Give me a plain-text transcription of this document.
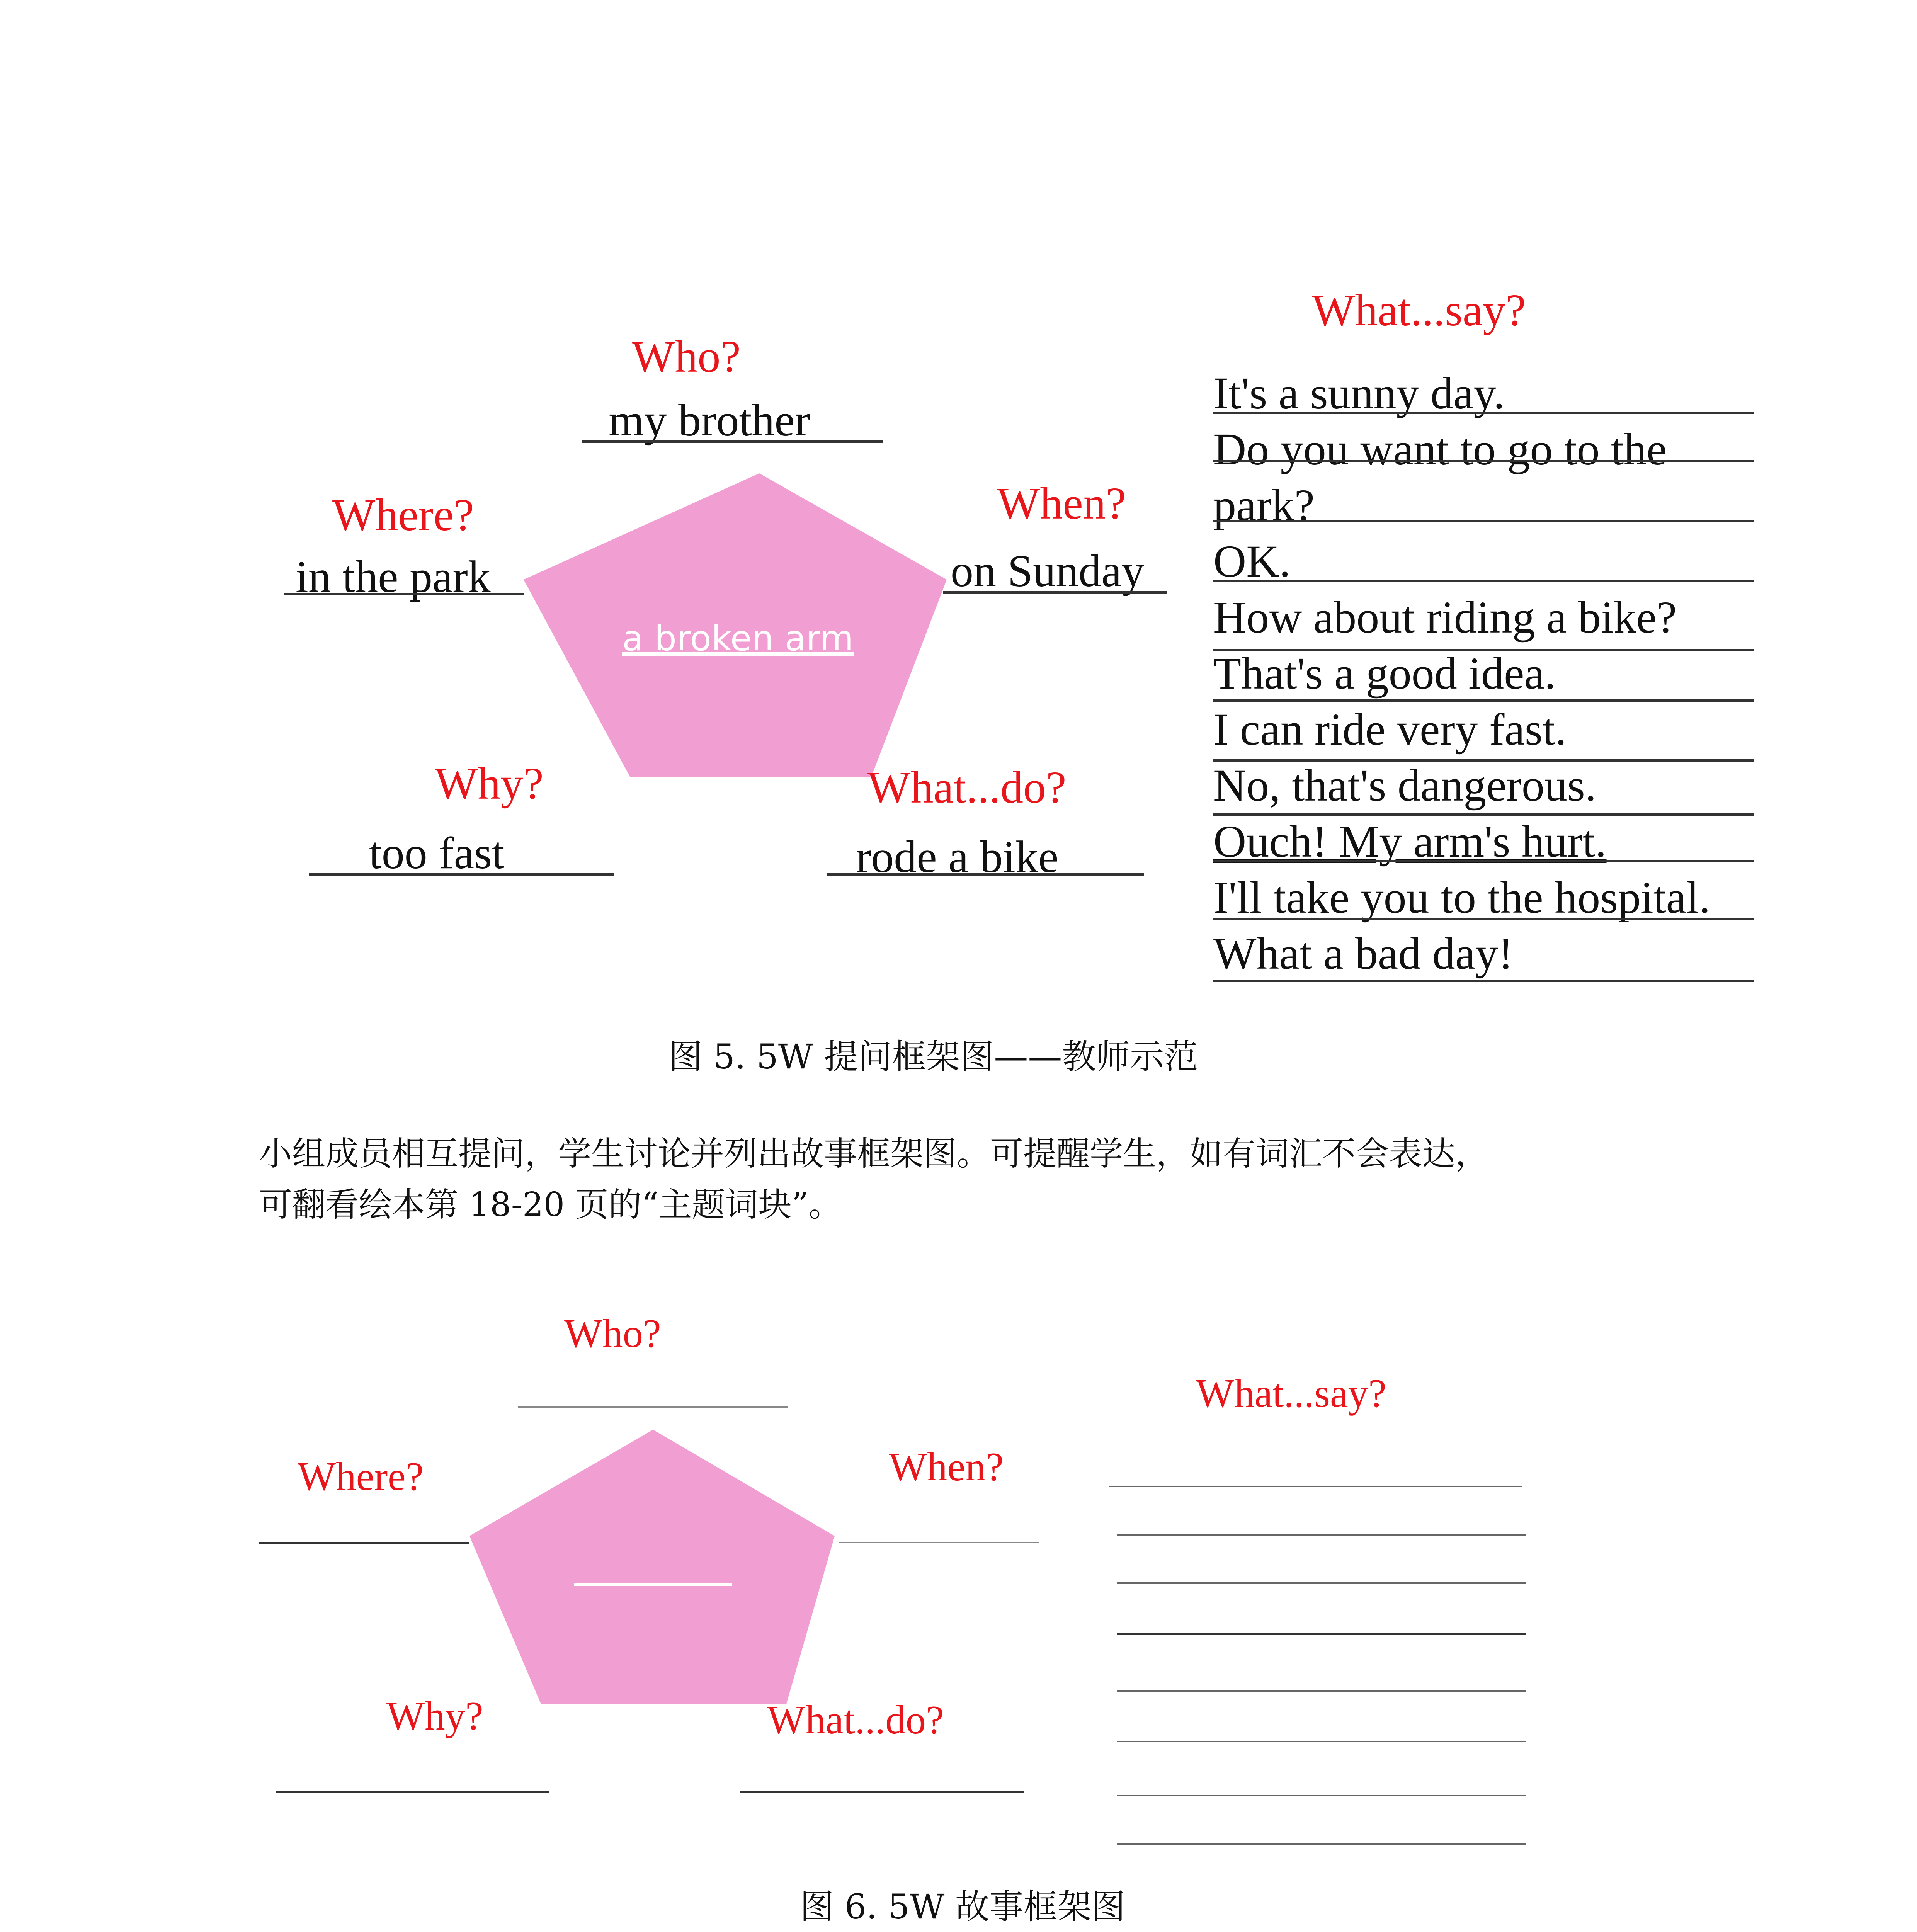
Who?
my brother
Where?
in the park
When?
on Sunday
a broken arm
Why?
too fast
What...do?
rode a bike
What...say?
It's a sunny day.
Do you want to go to the
park?
OK.
How about riding a bike?
That's a good idea.
I can ride very fast.
No, that's dangerous.
Ouch! My arm's hurt.
I'll take you to the hospital.
What a bad day!
图 5. 5W 提问框架图——教师示范
小组成员相互提问，学生讨论并列出故事框架图。可提醒学生，如有词汇不会表达，
可翻看绘本第 18-20 页的“主题词块”。
Who?
Where?	When?
Why?	What...do?
What...say?
图 6. 5W 故事框架图
